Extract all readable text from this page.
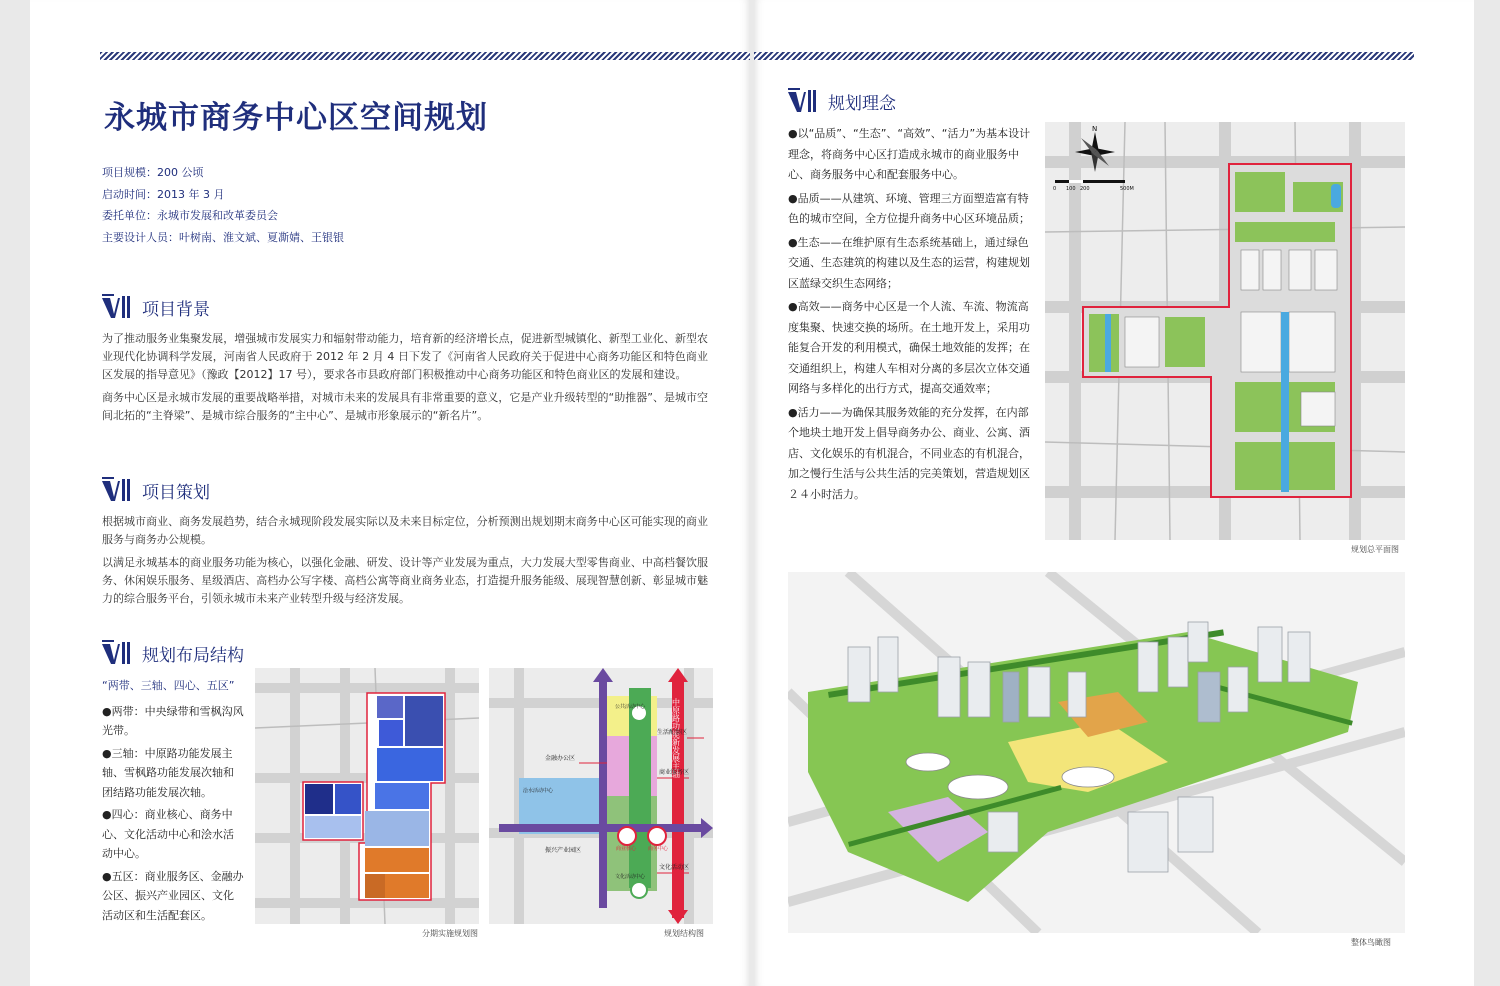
永城市商务中心区空间规划
项目规模：200 公顷
启动时间：2013 年 3 月
委托单位：永城市发展和改革委员会
主要设计人员：叶树南、淮文斌、夏凘婧、王银银
项目背景

为了推动服务业集聚发展，增强城市发展实力和辐射带动能力，培育新的经济增长点，促进新型城镇化、新型工业化、新型农业现代化协调科学发展，河南省人民政府于 2012 年 2 月 4 日下发了《河南省人民政府关于促进中心商务功能区和特色商业区发展的指导意见》（豫政【2012】17 号），要求各市县政府部门积极推动中心商务功能区和特色商业区的发展和建设。

商务中心区是永城市发展的重要战略举措，对城市未来的发展具有非常重要的意义，它是产业升级转型的“助推器”、是城市空间北拓的“主脊梁”、是城市综合服务的“主中心”、是城市形象展示的“新名片”。

项目策划

根据城市商业、商务发展趋势，结合永城现阶段发展实际以及未来目标定位，分析预测出规划期末商务中心区可能实现的商业服务与商务办公规模。

以满足永城基本的商业服务功能为核心，以强化金融、研发、设计等产业发展为重点，大力发展大型零售商业、中高档餐饮服务、休闲娱乐服务、星级酒店、高档办公写字楼、高档公寓等商业商务业态，打造提升服务能级、展现智慧创新、彰显城市魅力的综合服务平台，引领永城市未来产业转型升级与经济发展。

规划布局结构

“两带、三轴、四心、五区”

●两带：中央绿带和雪枫沟风光带。

●三轴：中原路功能发展主轴、雪枫路功能发展次轴和团结路功能发展次轴。

●四心：商业核心、商务中心、文化活动中心和浍水活动中心。

●五区：商业服务区、金融办公区、振兴产业园区、文化活动区和生活配套区。

分期实施规划图
中原路功能新发展主轴
生活配套区
金融办公区
商业服务区
文化活动区
振兴产业园区
文化活动中心
公共活动中心
商业核心 商务中心
浍水活动中心
规划结构图
规划理念

●以“品质”、“生态”、“高效”、“活力”为基本设计理念，将商务中心区打造成永城市的商业服务中心、商务服务中心和配套服务中心。

●品质——从建筑、环境、管理三方面塑造富有特色的城市空间，全方位提升商务中心区环境品质；

●生态——在维护原有生态系统基础上，通过绿色交通、生态建筑的构建以及生态的运营，构建规划区蓝绿交织生态网络；

●高效——商务中心区是一个人流、车流、物流高度集聚、快速交换的场所。在土地开发上，采用功能复合开发的利用模式，确保土地效能的发挥；在交通组织上，构建人车相对分离的多层次立体交通网络与多样化的出行方式，提高交通效率；

●活力——为确保其服务效能的充分发挥，在内部个地块土地开发上倡导商务办公、商业、公寓、酒店、文化娱乐的有机混合，不同业态的有机混合，加之慢行生活与公共生活的完美策划，营造规划区２４小时活力。

N
0 100 200	500M
规划总平面图
整体鸟瞰图
